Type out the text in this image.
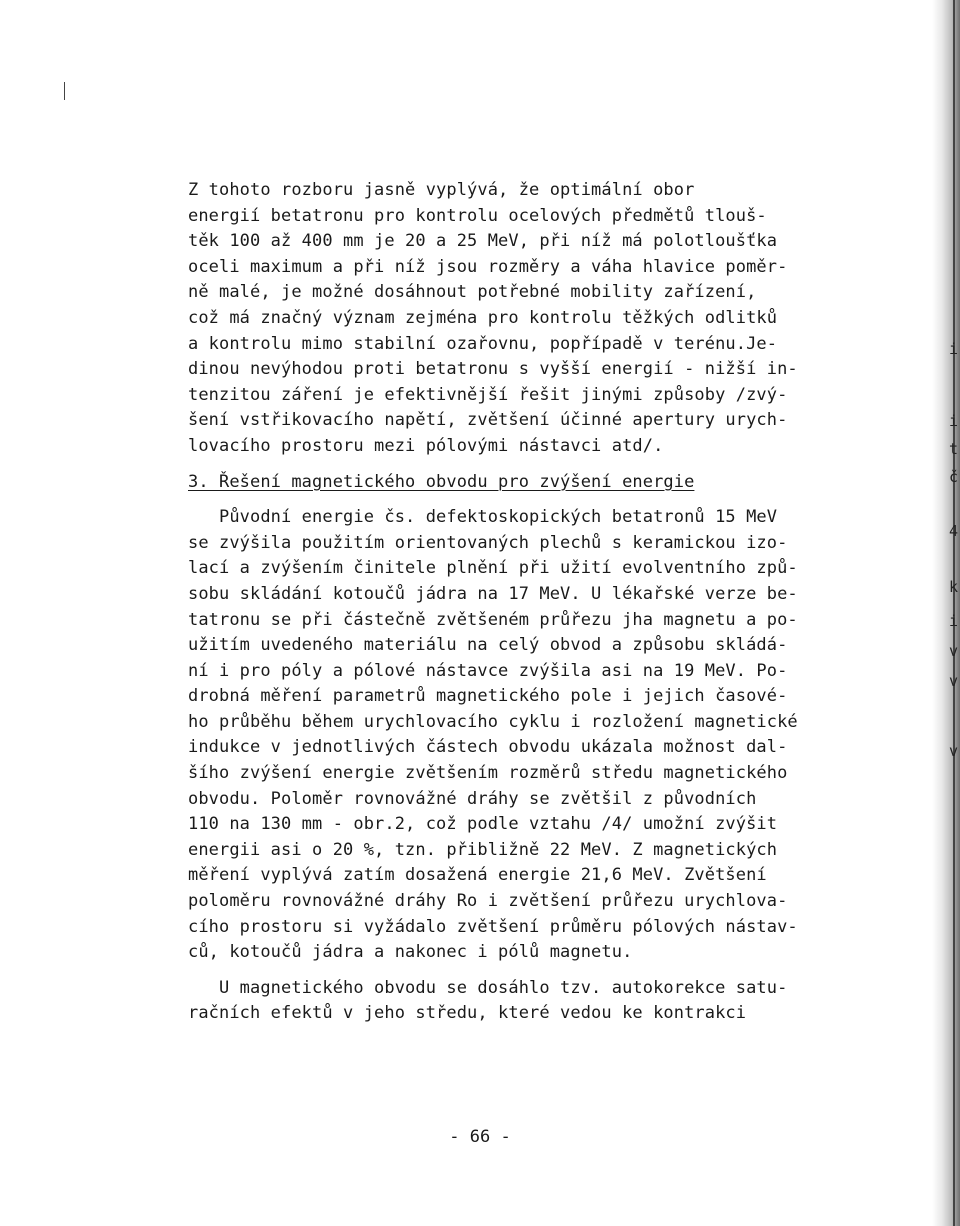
Z tohoto rozboru jasně vyplývá, že optimální obor
energií betatronu pro kontrolu ocelových předmětů tlouš-
těk 100 až 400 mm je 20 a 25 MeV, při níž má polotloušťka
oceli maximum a při níž jsou rozměry a váha hlavice poměr-
ně malé, je možné dosáhnout potřebné mobility zařízení,
což má značný význam zejména pro kontrolu těžkých odlitků
a kontrolu mimo stabilní ozařovnu, popřípadě v terénu.Je-
dinou nevýhodou proti betatronu s vyšší energií - nižší in-
tenzitou záření je efektivnější řešit jinými způsoby /zvý-
šení vstřikovacího napětí, zvětšení účinné apertury urych-
lovacího prostoru mezi pólovými nástavci atd/.
3. Řešení magnetického obvodu pro zvýšení energie
Původní energie čs. defektoskopických betatronů 15 MeV
se zvýšila použitím orientovaných plechů s keramickou izo-
lací a zvýšením činitele plnění při užití evolventního způ-
sobu skládání kotoučů jádra na 17 MeV. U lékařské verze be-
tatronu se při částečně zvětšeném průřezu jha magnetu a po-
užitím uvedeného materiálu na celý obvod a způsobu skládá-
ní i pro póly a pólové nástavce zvýšila asi na 19 MeV. Po-
drobná měření parametrů magnetického pole i jejich časové-
ho průběhu během urychlovacího cyklu i rozložení magnetické
indukce v jednotlivých částech obvodu ukázala možnost dal-
šího zvýšení energie zvětšením rozměrů středu magnetického
obvodu. Poloměr rovnovážné dráhy se zvětšil z původních
110 na 130 mm - obr.2, což podle vztahu /4/ umožní zvýšit
energii asi o 20 %, tzn. přibližně 22 MeV. Z magnetických
měření vyplývá zatím dosažená energie 21,6 MeV. Zvětšení
poloměru rovnovážné dráhy Ro i zvětšení průřezu urychlova-
cího prostoru si vyžádalo zvětšení průměru pólových nástav-
ců, kotoučů jádra a nakonec i pólů magnetu.
U magnetického obvodu se dosáhlo tzv. autokorekce satu-
račních efektů v jeho středu, které vedou ke kontrakci
- 66 -
i
i
t
č
4
k
i
v
v
v
